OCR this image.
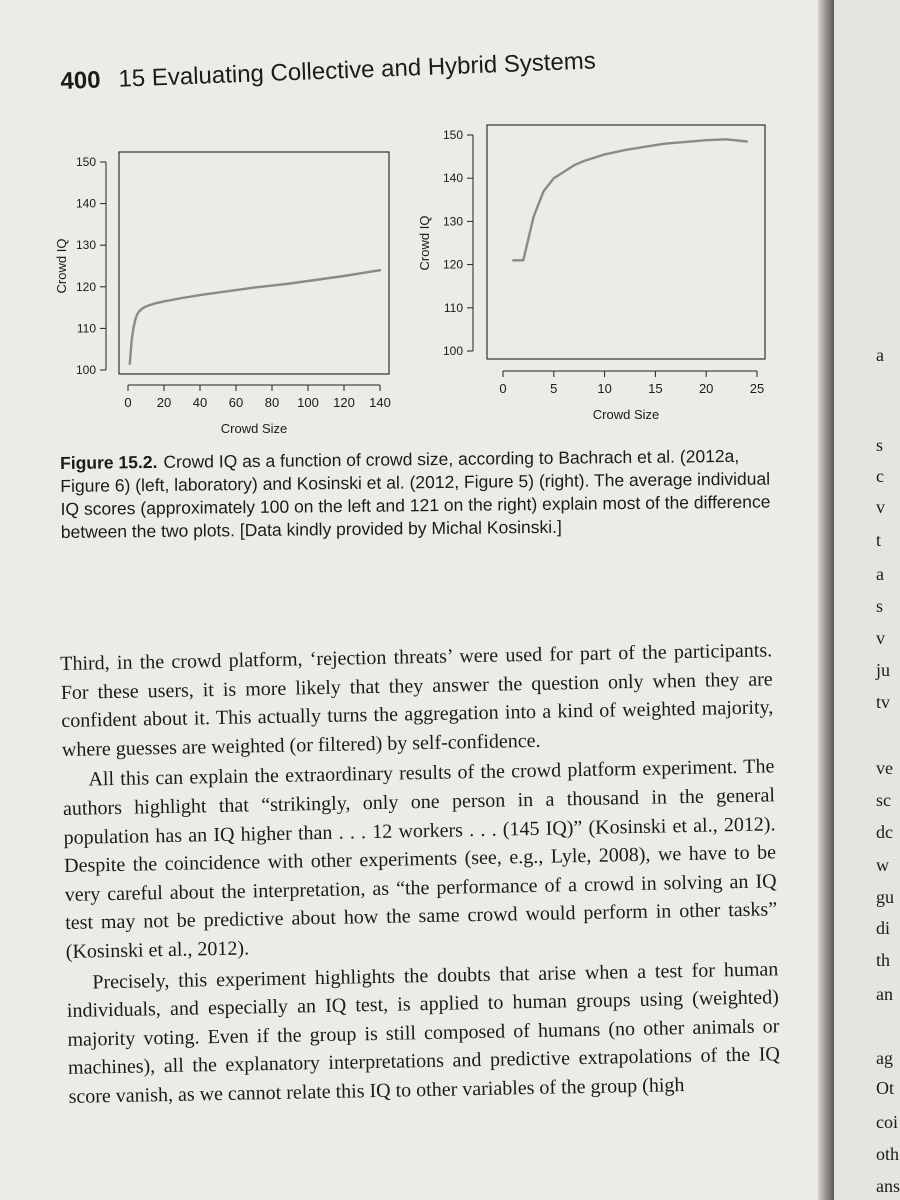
400 15 Evaluating Collective and Hybrid Systems
100
110
120
130
140
150
0 20 40 60 80 100 120 140
Crowd Size
Crowd IQ
100
110
120
130
140
150
0	5	10	15	20	25
Crowd Size
Crowd IQ
Figure 15.2. Crowd IQ as a function of crowd size, according to Bachrach et al. (2012a, Figure 6) (left, laboratory) and Kosinski et al. (2012, Figure 5) (right). The average individual IQ scores (approximately 100 on the left and 121 on the right) explain most of the difference between the two plots. [Data kindly provided by Michal Kosinski.]

Third, in the crowd platform, ‘rejection threats’ were used for part of the participants. For these users, it is more likely that they answer the question only when they are confident about it. This actually turns the aggregation into a kind of weighted majority, where guesses are weighted (or filtered) by self-confidence.

All this can explain the extraordinary results of the crowd platform experiment. The authors highlight that “strikingly, only one person in a thousand in the general population has an IQ higher than . . . 12 workers . . . (145 IQ)” (Kosinski et al., 2012). Despite the coincidence with other experiments (see, e.g., Lyle, 2008), we have to be very careful about the interpretation, as “the performance of a crowd in solving an IQ test may not be predictive about how the same crowd would perform in other tasks” (Kosinski et al., 2012).

Precisely, this experiment highlights the doubts that arise when a test for human individuals, and especially an IQ test, is applied to human groups using (weighted) majority voting. Even if the group is still composed of humans (no other animals or machines), all the explanatory interpretations and predictive extrapolations of the IQ score vanish, as we cannot relate this IQ to other variables of the group (high

a
s
c
v
t
a
s
v
ju
tv
ve
sc
dc
w
gu
di
th
an
ag
Ot
coi
oth
ans
